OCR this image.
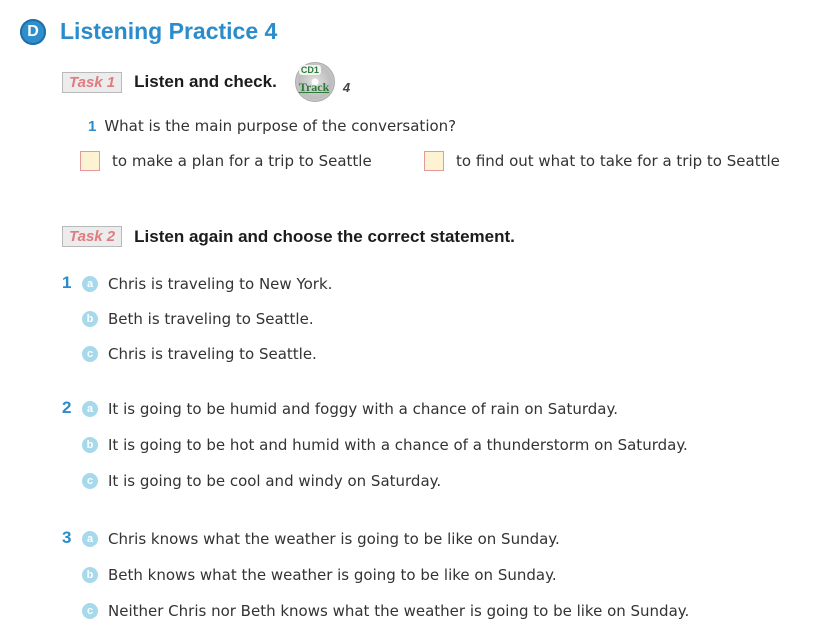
D Listening Practice 4
Task 1	Listen and check.
CD1
Track 4
1 What is the main purpose of the conversation?
to make a plan for a trip to Seattle	to find out what to take for a trip to Seattle
Task 2	Listen again and choose the correct statement.
1	a Chris is traveling to New York.
b Beth is traveling to Seattle.
c Chris is traveling to Seattle.
2	a It is going to be humid and foggy with a chance of rain on Saturday.
b It is going to be hot and humid with a chance of a thunderstorm on Saturday.
c It is going to be cool and windy on Saturday.
3	a Chris knows what the weather is going to be like on Sunday.
b Beth knows what the weather is going to be like on Sunday.
c Neither Chris nor Beth knows what the weather is going to be like on Sunday.
